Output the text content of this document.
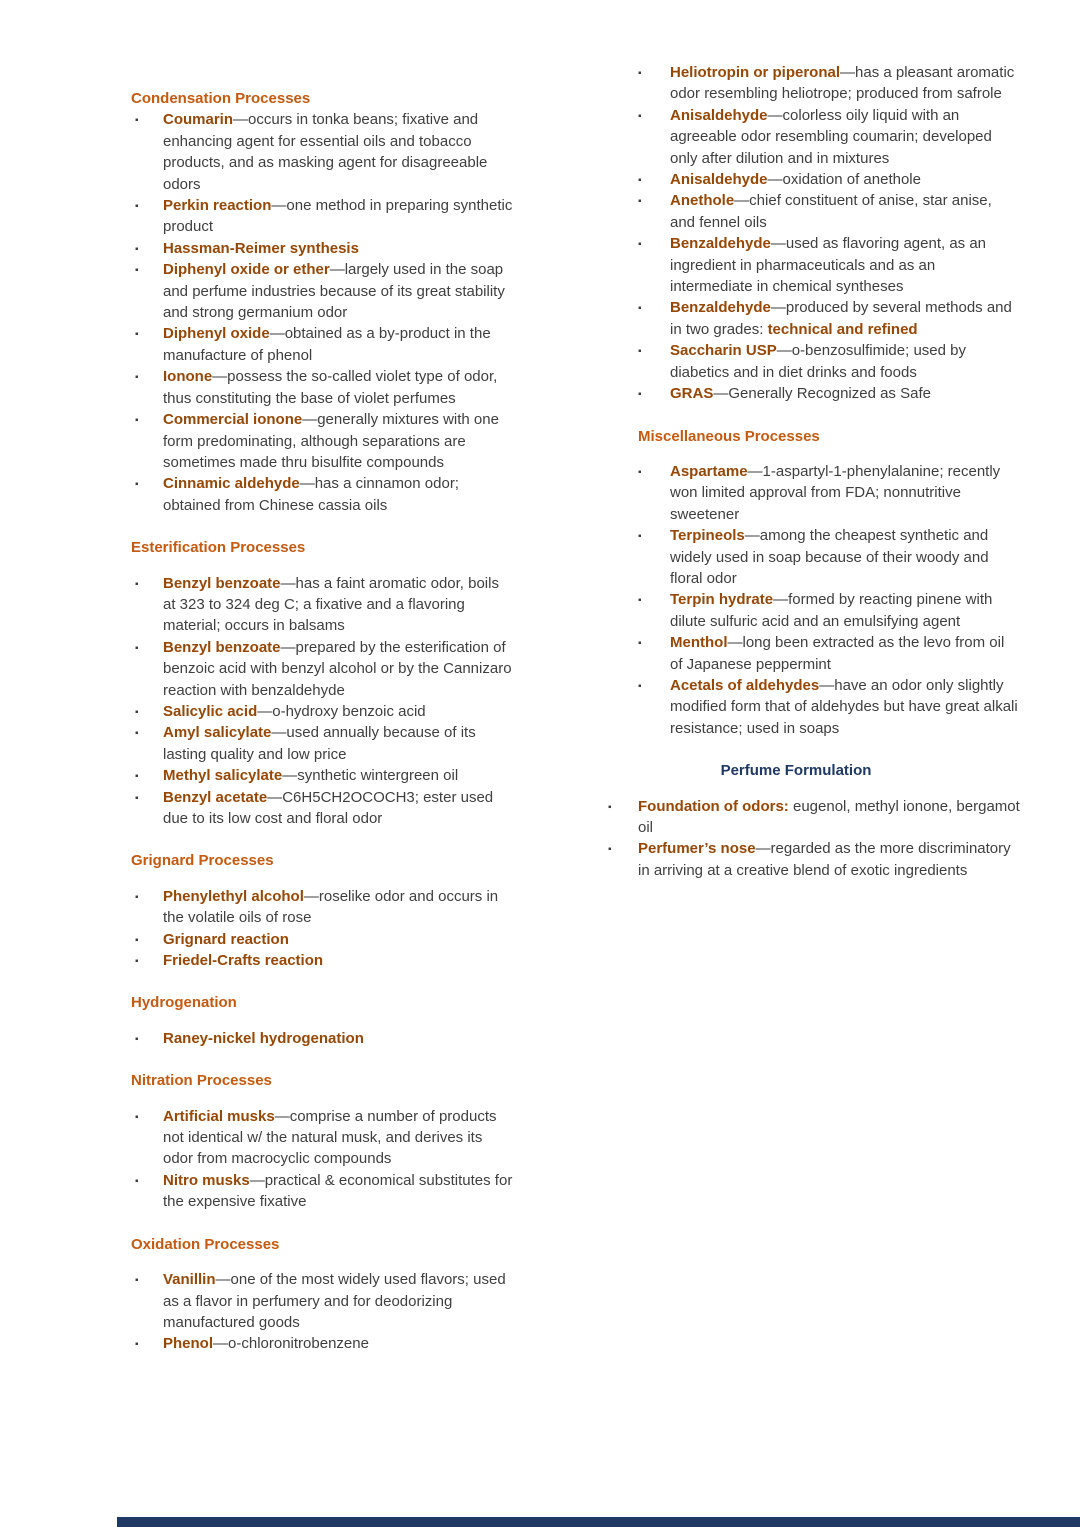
Condensation Processes
▪ Coumarin—occurs in tonka beans; fixative and enhancing agent for essential oils and tobacco products, and as masking agent for disagreeable odors
▪ Perkin reaction—one method in preparing synthetic product
▪ Hassman-Reimer synthesis
▪ Diphenyl oxide or ether—largely used in the soap and perfume industries because of its great stability and strong germanium odor
▪ Diphenyl oxide—obtained as a by-product in the manufacture of phenol
▪ Ionone—possess the so-called violet type of odor, thus constituting the base of violet perfumes
▪ Commercial ionone—generally mixtures with one form predominating, although separations are sometimes made thru bisulfite compounds
▪ Cinnamic aldehyde—has a cinnamon odor; obtained from Chinese cassia oils
Esterification Processes
▪ Benzyl benzoate—has a faint aromatic odor, boils at 323 to 324 deg C; a fixative and a flavoring material; occurs in balsams
▪ Benzyl benzoate—prepared by the esterification of benzoic acid with benzyl alcohol or by the Cannizaro reaction with benzaldehyde
▪ Salicylic acid—o-hydroxy benzoic acid
▪ Amyl salicylate—used annually because of its lasting quality and low price
▪ Methyl salicylate—synthetic wintergreen oil
▪ Benzyl acetate—C6H5CH2OCOCH3; ester used due to its low cost and floral odor
Grignard Processes
▪ Phenylethyl alcohol—roselike odor and occurs in the volatile oils of rose
▪ Grignard reaction
▪ Friedel-Crafts reaction
Hydrogenation
▪ Raney-nickel hydrogenation
Nitration Processes
▪ Artificial musks—comprise a number of products not identical w/ the natural musk, and derives its odor from macrocyclic compounds
▪ Nitro musks—practical & economical substitutes for the expensive fixative
Oxidation Processes
▪ Vanillin—one of the most widely used flavors; used as a flavor in perfumery and for deodorizing manufactured goods
▪ Phenol—o-chloronitrobenzene
▪ Heliotropin or piperonal—has a pleasant aromatic odor resembling heliotrope; produced from safrole
▪ Anisaldehyde—colorless oily liquid with an agreeable odor resembling coumarin; developed only after dilution and in mixtures
▪ Anisaldehyde—oxidation of anethole
▪ Anethole—chief constituent of anise, star anise, and fennel oils
▪ Benzaldehyde—used as flavoring agent, as an ingredient in pharmaceuticals and as an intermediate in chemical syntheses
▪ Benzaldehyde—produced by several methods and in two grades: technical and refined
▪ Saccharin USP—o-benzosulfimide; used by diabetics and in diet drinks and foods
▪ GRAS—Generally Recognized as Safe
Miscellaneous Processes
▪ Aspartame—1-aspartyl-1-phenylalanine; recently won limited approval from FDA; nonnutritive sweetener
▪ Terpineols—among the cheapest synthetic and widely used in soap because of their woody and floral odor
▪ Terpin hydrate—formed by reacting pinene with dilute sulfuric acid and an emulsifying agent
▪ Menthol—long been extracted as the levo from oil of Japanese peppermint
▪ Acetals of aldehydes—have an odor only slightly modified form that of aldehydes but have great alkali resistance; used in soaps
Perfume Formulation
▪ Foundation of odors: eugenol, methyl ionone, bergamot oil
▪ Perfumer’s nose—regarded as the more discriminatory in arriving at a creative blend of exotic ingredients
